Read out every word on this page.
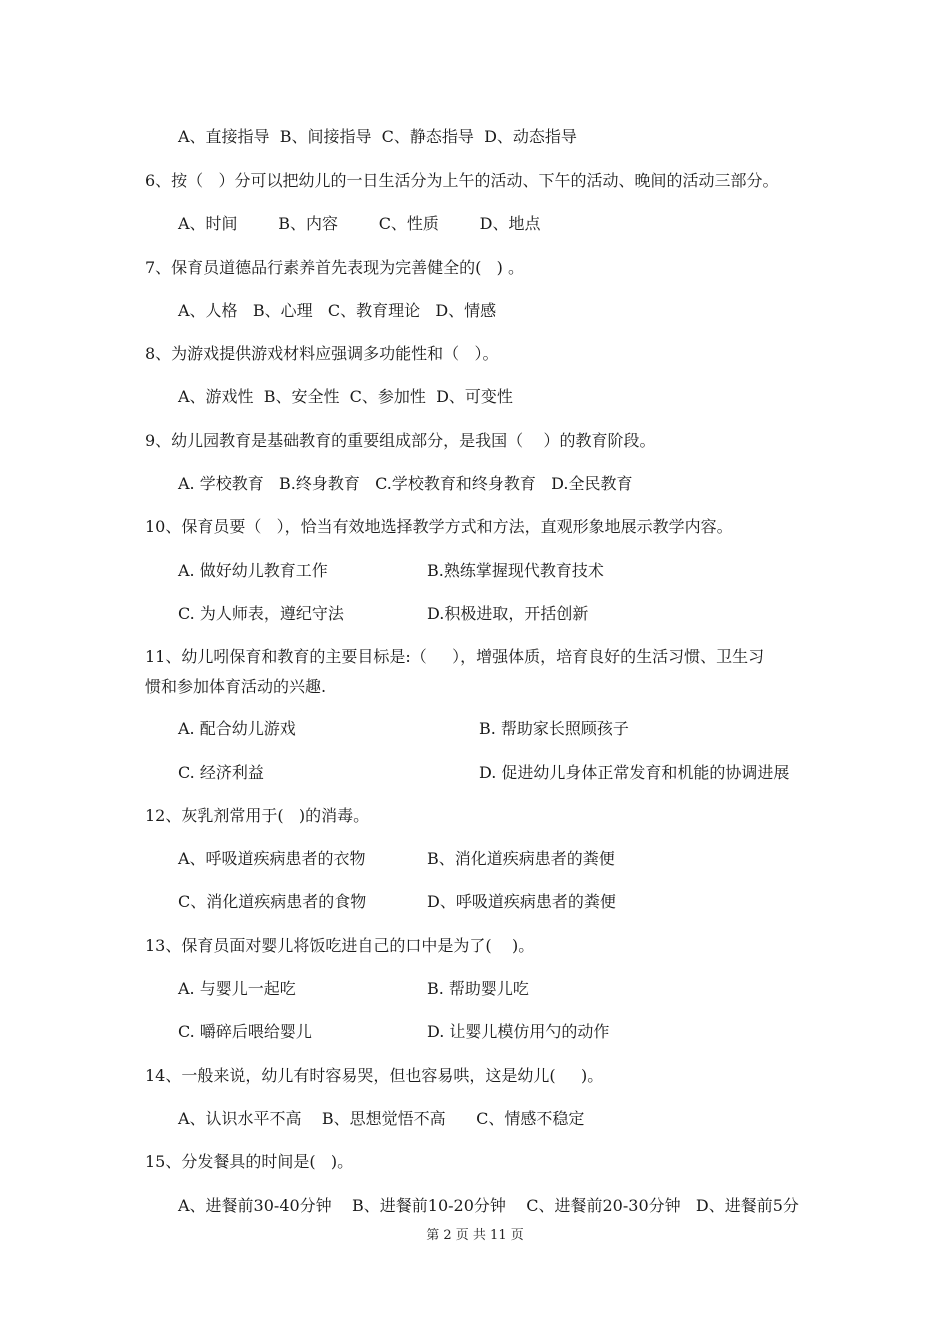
A、直接指导  B、间接指导  C、静态指导  D、动态指导
6、按（   ）分可以把幼儿的一日生活分为上午的活动、下午的活动、晚间的活动三部分。
A、时间        B、内容        C、性质        D、地点
7、保育员道德品行素养首先表现为完善健全的(   ) 。
A、人格   B、心理   C、教育理论   D、情感
8、为游戏提供游戏材料应强调多功能性和（   ）。
A、游戏性  B、安全性  C、参加性  D、可变性
9、幼儿园教育是基础教育的重要组成部分，是我国（    ）的教育阶段。
A. 学校教育   B.终身教育   C.学校教育和终身教育   D.全民教育
10、保育员要（   ），恰当有效地选择教学方式和方法，直观形象地展示教学内容。
A. 做好幼儿教育工作	B.熟练掌握现代教育技术
C. 为人师表，遵纪守法	D.积极进取，开括创新
11、幼儿吲保育和教育的主要目标是:（     ），增强体质，培育良好的生活习惯、卫生习
惯和参加体育活动的兴趣.
A. 配合幼儿游戏	B. 帮助家长照顾孩子
C. 经济利益	D. 促进幼儿身体正常发育和机能的协调进展
12、灰乳剂常用于(   )的消毒。
A、呼吸道疾病患者的衣物	B、消化道疾病患者的粪便
C、消化道疾病患者的食物	D、呼吸道疾病患者的粪便
13、保育员面对婴儿将饭吃进自己的口中是为了(    )。
A. 与婴儿一起吃	B. 帮助婴儿吃
C. 嚼碎后喂给婴儿	D. 让婴儿模仿用勺的动作
14、一般来说，幼儿有时容易哭，但也容易哄，这是幼儿(     )。
A、认识水平不高    B、思想觉悟不高      C、情感不稳定
15、分发餐具的时间是(   )。
A、进餐前30-40分钟    B、进餐前10-20分钟    C、进餐前20-30分钟   D、进餐前5分
第 2 页 共 11 页
